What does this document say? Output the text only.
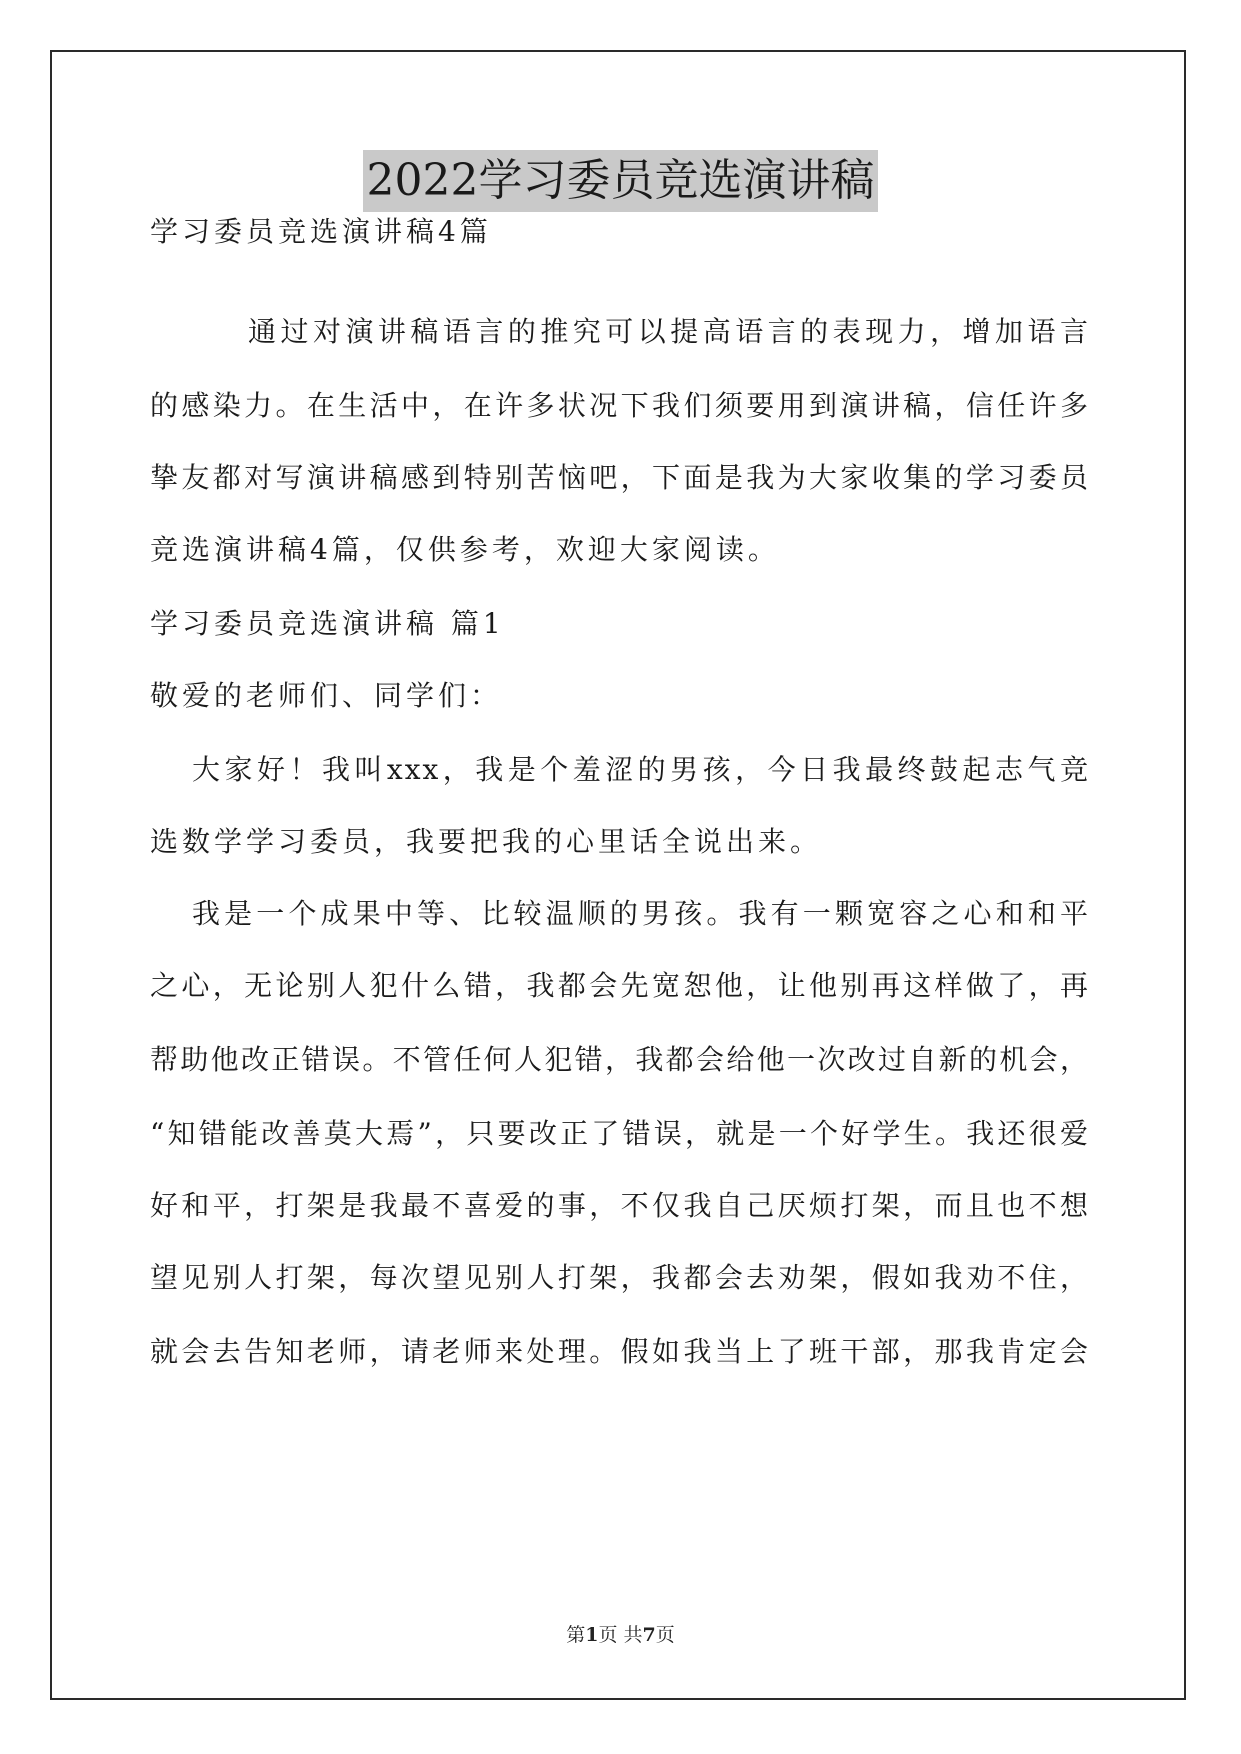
2022学习委员竞选演讲稿
学习委员竞选演讲稿4篇
通过对演讲稿语言的推究可以提高语言的表现力，增加语言
的感染力。在生活中，在许多状况下我们须要用到演讲稿，信任许多
挚友都对写演讲稿感到特别苦恼吧，下面是我为大家收集的学习委员
竞选演讲稿4篇，仅供参考，欢迎大家阅读。
学习委员竞选演讲稿 篇1
敬爱的老师们、同学们：
大家好！我叫xxx，我是个羞涩的男孩，今日我最终鼓起志气竞
选数学学习委员，我要把我的心里话全说出来。
我是一个成果中等、比较温顺的男孩。我有一颗宽容之心和和平
之心，无论别人犯什么错，我都会先宽恕他，让他别再这样做了，再
帮助他改正错误。不管任何人犯错，我都会给他一次改过自新的机会，
“知错能改善莫大焉”，只要改正了错误，就是一个好学生。我还很爱
好和平，打架是我最不喜爱的事，不仅我自己厌烦打架，而且也不想
望见别人打架，每次望见别人打架，我都会去劝架，假如我劝不住，
就会去告知老师，请老师来处理。假如我当上了班干部，那我肯定会
第1页 共7页
